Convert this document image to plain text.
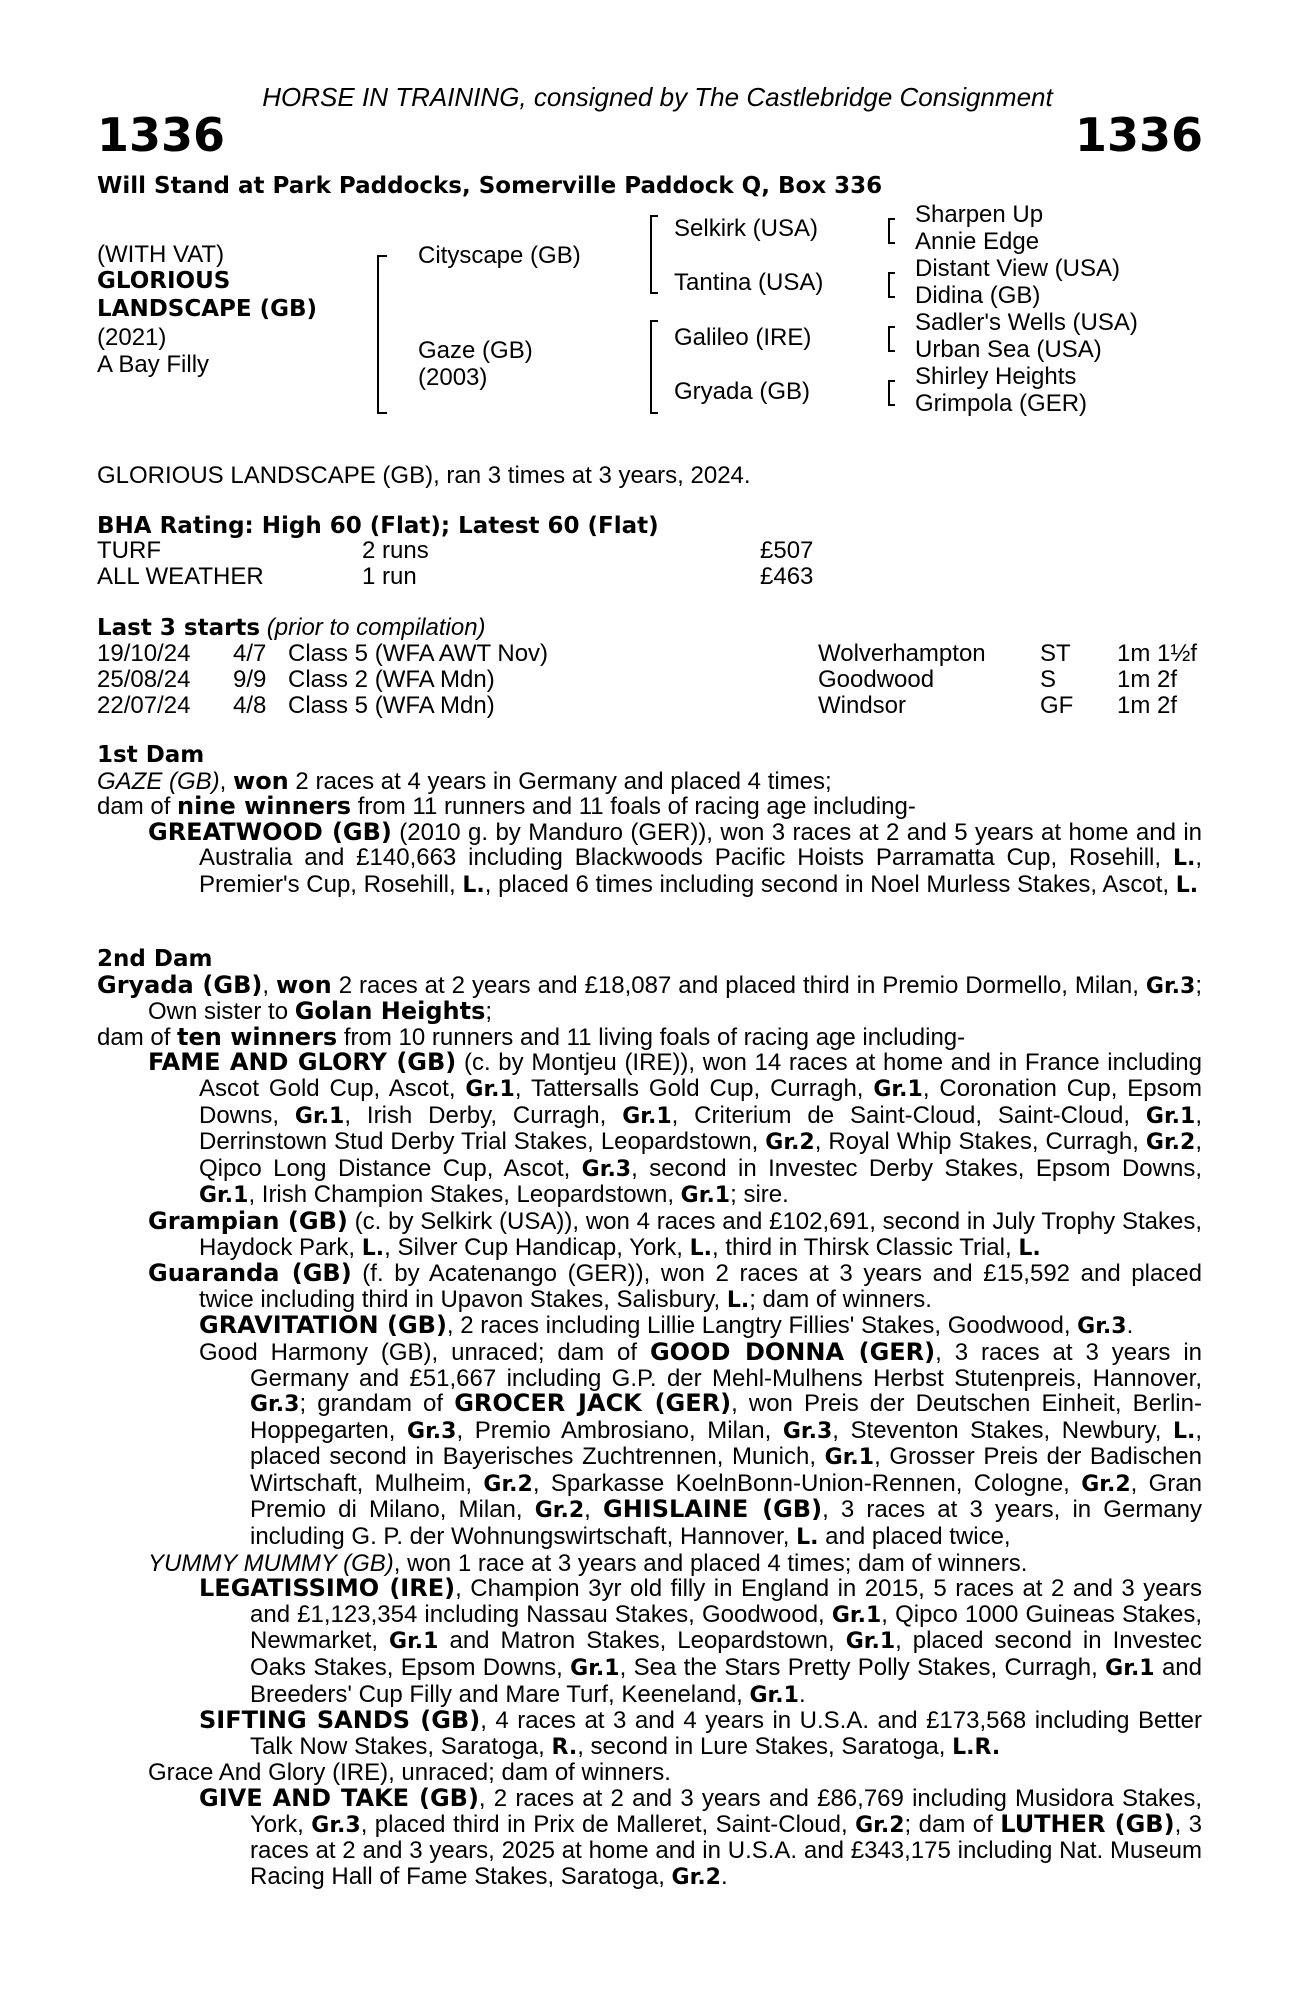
HORSE IN TRAINING, consigned by The Castlebridge Consignment
1336	1336
Will Stand at Park Paddocks, Somerville Paddock Q, Box 336
(WITH VAT)
GLORIOUS
LANDSCAPE (GB)
(2021)
A Bay Filly
Cityscape (GB)
Gaze (GB)
(2003)
Selkirk (USA)
Tantina (USA)
Galileo (IRE)
Gryada (GB)
Sharpen Up
Annie Edge
Distant View (USA)
Didina (GB)
Sadler's Wells (USA)
Urban Sea (USA)
Shirley Heights
Grimpola (GER)
GLORIOUS LANDSCAPE (GB), ran 3 times at 3 years, 2024.
BHA Rating: High 60 (Flat); Latest 60 (Flat)
TURF	2 runs	£507
ALL WEATHER	1 run	£463
Last 3 starts (prior to compilation)
19/10/24 4/7 Class 5 (WFA AWT Nov)	Wolverhampton ST 1m 1½f
25/08/24 9/9 Class 2 (WFA Mdn)	Goodwood	S	1m 2f
22/07/24 4/8 Class 5 (WFA Mdn)	Windsor	GF 1m 2f

1st Dam

GAZE (GB), won 2 races at 4 years in Germany and placed 4 times;

dam of nine winners from 11 runners and 11 foals of racing age including-

GREATWOOD (GB) (2010 g. by Manduro (GER)), won 3 races at 2 and 5 years at home and in Australia and £140,663 including Blackwoods Pacific Hoists Parramatta Cup, Rosehill, L., Premier's Cup, Rosehill, L., placed 6 times including second in Noel Murless Stakes, Ascot, L.

2nd Dam

Gryada (GB), won 2 races at 2 years and £18,087 and placed third in Premio Dormello, Milan, Gr.3; Own sister to Golan Heights;

dam of ten winners from 10 runners and 11 living foals of racing age including-

FAME AND GLORY (GB) (c. by Montjeu (IRE)), won 14 races at home and in France including Ascot Gold Cup, Ascot, Gr.1, Tattersalls Gold Cup, Curragh, Gr.1, Coronation Cup, Epsom Downs, Gr.1, Irish Derby, Curragh, Gr.1, Criterium de Saint-Cloud, Saint-Cloud, Gr.1, Derrinstown Stud Derby Trial Stakes, Leopardstown, Gr.2, Royal Whip Stakes, Curragh, Gr.2, Qipco Long Distance Cup, Ascot, Gr.3, second in Investec Derby Stakes, Epsom Downs, Gr.1, Irish Champion Stakes, Leopardstown, Gr.1; sire.

Grampian (GB) (c. by Selkirk (USA)), won 4 races and £102,691, second in July Trophy Stakes, Haydock Park, L., Silver Cup Handicap, York, L., third in Thirsk Classic Trial, L.

Guaranda (GB) (f. by Acatenango (GER)), won 2 races at 3 years and £15,592 and placed twice including third in Upavon Stakes, Salisbury, L.; dam of winners.

GRAVITATION (GB), 2 races including Lillie Langtry Fillies' Stakes, Goodwood, Gr.3.

Good Harmony (GB), unraced; dam of GOOD DONNA (GER), 3 races at 3 years in Germany and £51,667 including G.P. der Mehl-Mulhens Herbst Stutenpreis, Hannover, Gr.3; grandam of GROCER JACK (GER), won Preis der Deutschen Einheit, Berlin-Hoppegarten, Gr.3, Premio Ambrosiano, Milan, Gr.3, Steventon Stakes, Newbury, L., placed second in Bayerisches Zuchtrennen, Munich, Gr.1, Grosser Preis der Badischen Wirtschaft, Mulheim, Gr.2, Sparkasse KoelnBonn-Union-Rennen, Cologne, Gr.2, Gran Premio di Milano, Milan, Gr.2, GHISLAINE (GB), 3 races at 3 years, in Germany including G. P. der Wohnungswirtschaft, Hannover, L. and placed twice,

YUMMY MUMMY (GB), won 1 race at 3 years and placed 4 times; dam of winners.

LEGATISSIMO (IRE), Champion 3yr old filly in England in 2015, 5 races at 2 and 3 years and £1,123,354 including Nassau Stakes, Goodwood, Gr.1, Qipco 1000 Guineas Stakes, Newmarket, Gr.1 and Matron Stakes, Leopardstown, Gr.1, placed second in Investec Oaks Stakes, Epsom Downs, Gr.1, Sea the Stars Pretty Polly Stakes, Curragh, Gr.1 and Breeders' Cup Filly and Mare Turf, Keeneland, Gr.1.

SIFTING SANDS (GB), 4 races at 3 and 4 years in U.S.A. and £173,568 including Better Talk Now Stakes, Saratoga, R., second in Lure Stakes, Saratoga, L.R.

Grace And Glory (IRE), unraced; dam of winners.

GIVE AND TAKE (GB), 2 races at 2 and 3 years and £86,769 including Musidora Stakes, York, Gr.3, placed third in Prix de Malleret, Saint-Cloud, Gr.2; dam of LUTHER (GB), 3 races at 2 and 3 years, 2025 at home and in U.S.A. and £343,175 including Nat. Museum Racing Hall of Fame Stakes, Saratoga, Gr.2.
